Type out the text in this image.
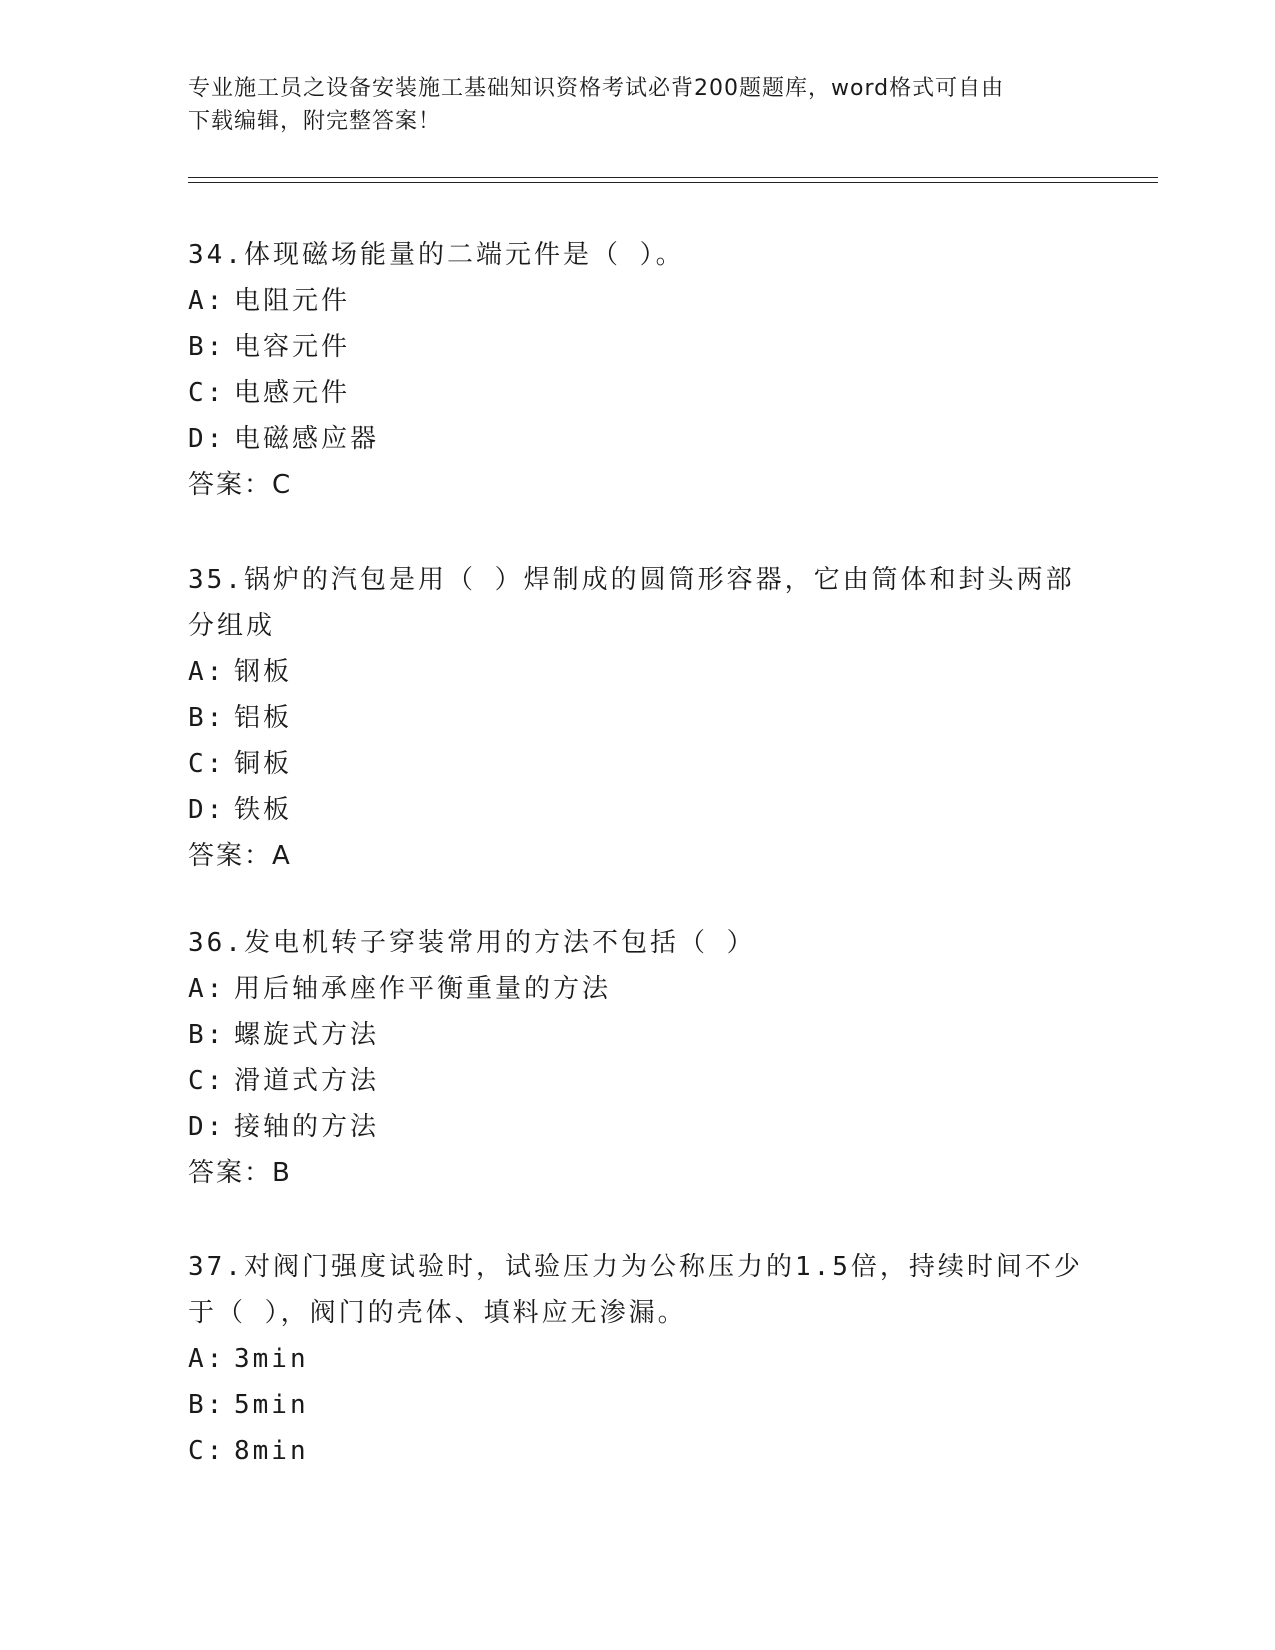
专业施工员之设备安装施工基础知识资格考试必背200题题库，word格式可自由
下载编辑，附完整答案！
34.体现磁场能量的二端元件是（ ）。
A: 电阻元件
B: 电容元件
C: 电感元件
D: 电磁感应器
答案：C
35.锅炉的汽包是用（ ）焊制成的圆筒形容器，它由筒体和封头两部
分组成
A: 钢板
B: 铝板
C: 铜板
D: 铁板
答案：A
36.发电机转子穿装常用的方法不包括（ ）
A: 用后轴承座作平衡重量的方法
B: 螺旋式方法
C: 滑道式方法
D: 接轴的方法
答案：B
37.对阀门强度试验时，试验压力为公称压力的1.5倍，持续时间不少
于（ ），阀门的壳体、填料应无渗漏。
A: 3min
B: 5min
C: 8min
